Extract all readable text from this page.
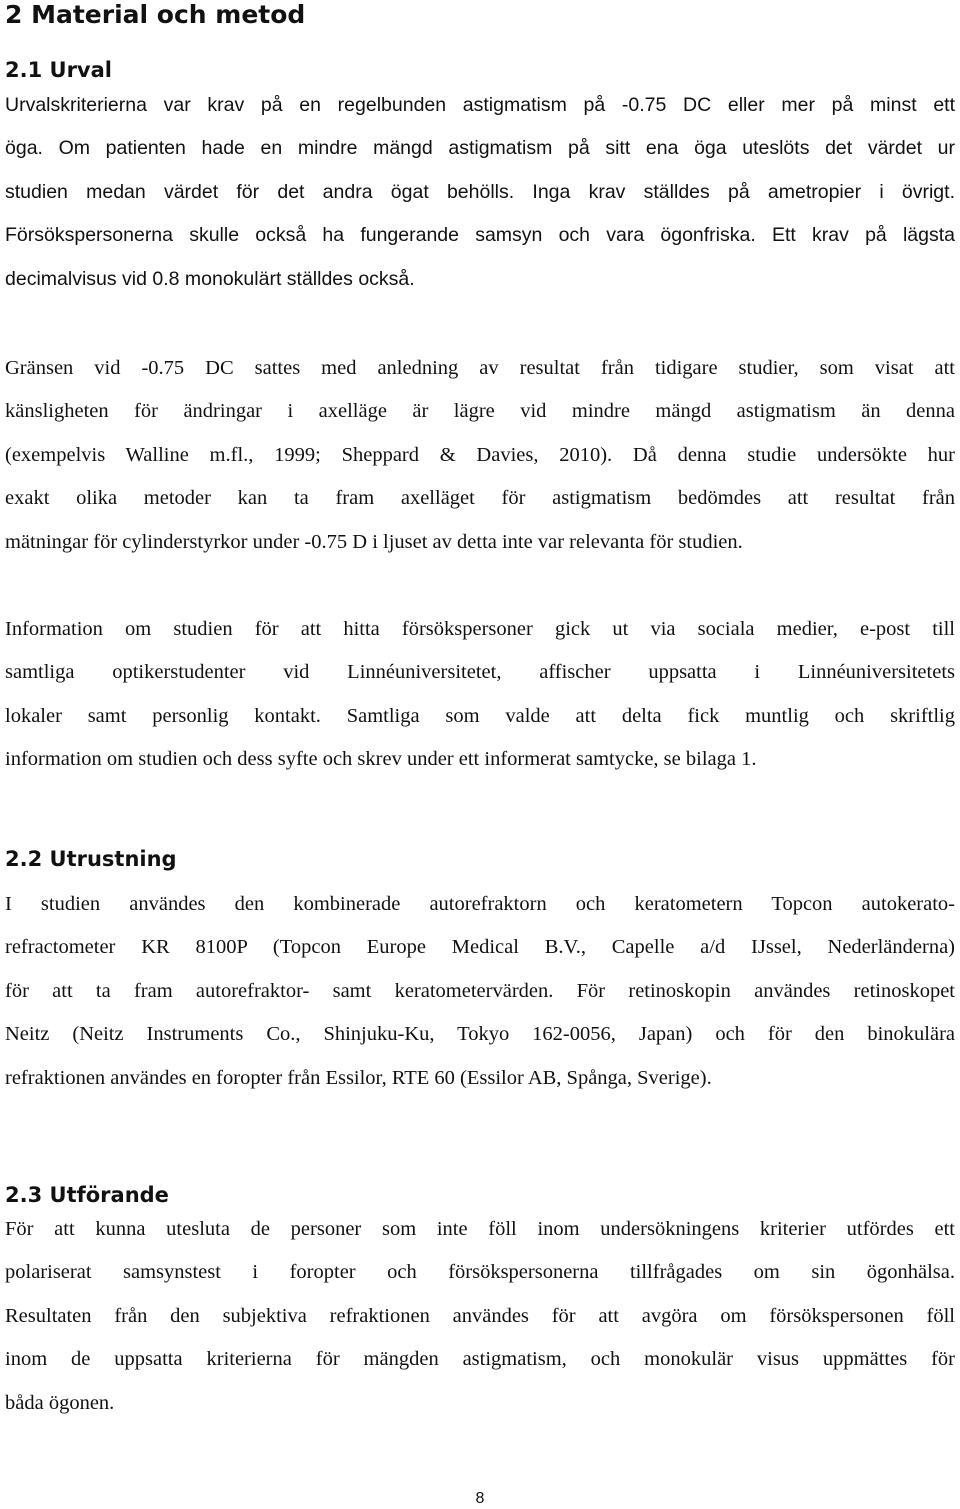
2 Material och metod
2.1 Urval

Urvalskriterierna var krav på en regelbunden astigmatism på -0.75 DC eller mer på minst ett
öga. Om patienten hade en mindre mängd astigmatism på sitt ena öga uteslöts det värdet ur
studien medan värdet för det andra ögat behölls. Inga krav ställdes på ametropier i övrigt.
Försökspersonerna skulle också ha fungerande samsyn och vara ögonfriska. Ett krav på lägsta
decimalvisus vid 0.8 monokulärt ställdes också.

Gränsen vid -0.75 DC sattes med anledning av resultat från tidigare studier, som visat att
känsligheten för ändringar i axelläge är lägre vid mindre mängd astigmatism än denna
(exempelvis Walline m.fl., 1999; Sheppard & Davies, 2010). Då denna studie undersökte hur
exakt olika metoder kan ta fram axelläget för astigmatism bedömdes att resultat från
mätningar för cylinderstyrkor under -0.75 D i ljuset av detta inte var relevanta för studien.

Information om studien för att hitta försökspersoner gick ut via sociala medier, e-post till
samtliga optikerstudenter vid Linnéuniversitetet, affischer uppsatta i Linnéuniversitetets
lokaler samt personlig kontakt. Samtliga som valde att delta fick muntlig och skriftlig
information om studien och dess syfte och skrev under ett informerat samtycke, se bilaga 1.

2.2 Utrustning

I studien användes den kombinerade autorefraktorn och keratometern Topcon autokerato-
refractometer KR 8100P (Topcon Europe Medical B.V., Capelle a/d IJssel, Nederländerna)
för att ta fram autorefraktor- samt keratometervärden. För retinoskopin användes retinoskopet
Neitz (Neitz Instruments Co., Shinjuku-Ku, Tokyo 162-0056, Japan) och för den binokulära
refraktionen användes en foropter från Essilor, RTE 60 (Essilor AB, Spånga, Sverige).

2.3 Utförande

För att kunna utesluta de personer som inte föll inom undersökningens kriterier utfördes ett
polariserat samsynstest i foropter och försökspersonerna tillfrågades om sin ögonhälsa.
Resultaten från den subjektiva refraktionen användes för att avgöra om försökspersonen föll
inom de uppsatta kriterierna för mängden astigmatism, och monokulär visus uppmättes för
båda ögonen.

8
